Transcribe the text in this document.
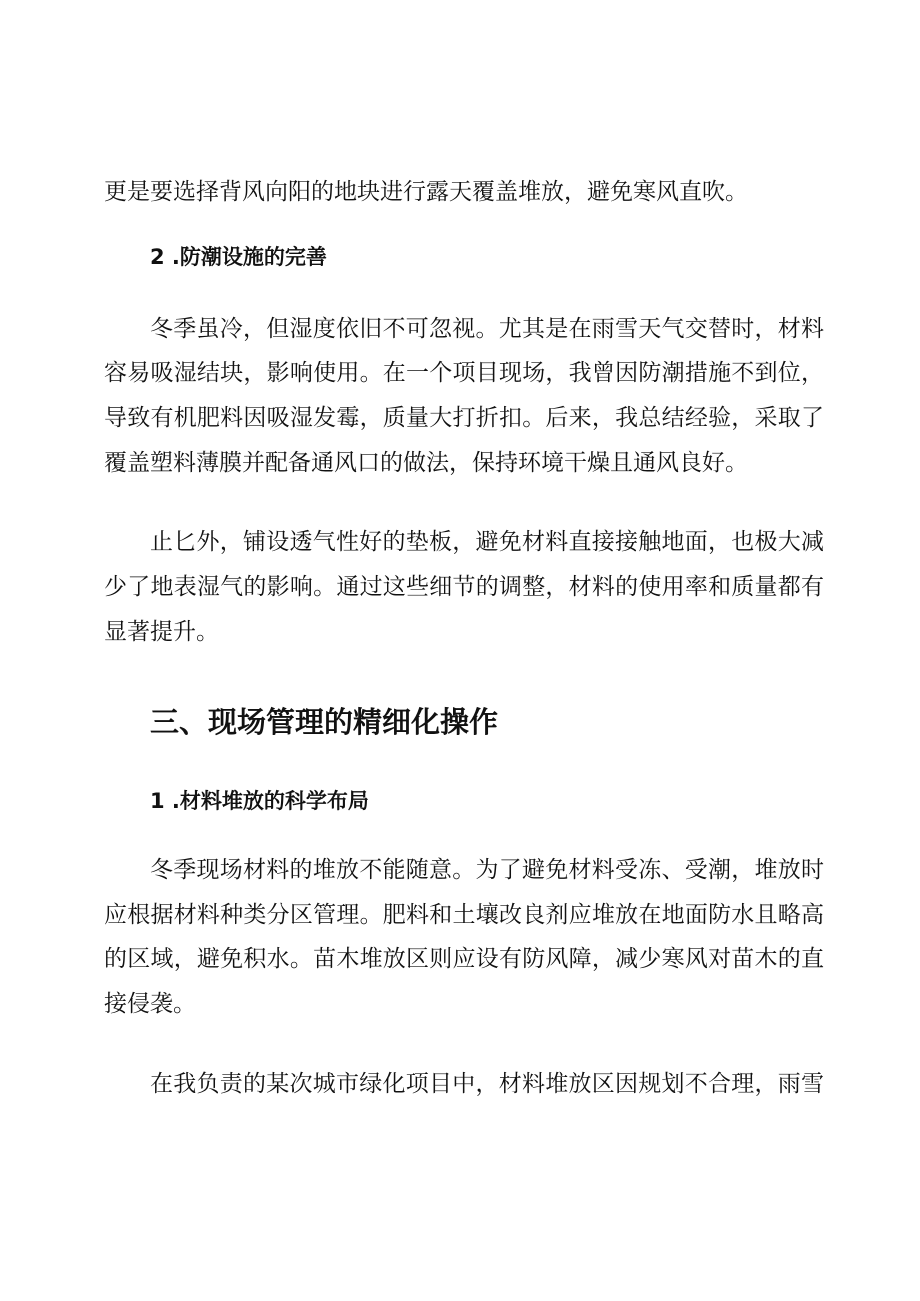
更是要选择背风向阳的地块进行露天覆盖堆放，避免寒风直吹。
2 .防潮设施的完善
冬季虽冷，但湿度依旧不可忽视。尤其是在雨雪天气交替时，材料
容易吸湿结块，影响使用。在一个项目现场，我曾因防潮措施不到位，
导致有机肥料因吸湿发霉，质量大打折扣。后来，我总结经验，采取了
覆盖塑料薄膜并配备通风口的做法，保持环境干燥且通风良好。
止匕外，铺设透气性好的垫板，避免材料直接接触地面，也极大减
少了地表湿气的影响。通过这些细节的调整，材料的使用率和质量都有
显著提升。
三、现场管理的精细化操作
1 .材料堆放的科学布局
冬季现场材料的堆放不能随意。为了避免材料受冻、受潮，堆放时
应根据材料种类分区管理。肥料和土壤改良剂应堆放在地面防水且略高
的区域，避免积水。苗木堆放区则应设有防风障，减少寒风对苗木的直
接侵袭。
在我负责的某次城市绿化项目中，材料堆放区因规划不合理，雨雪
